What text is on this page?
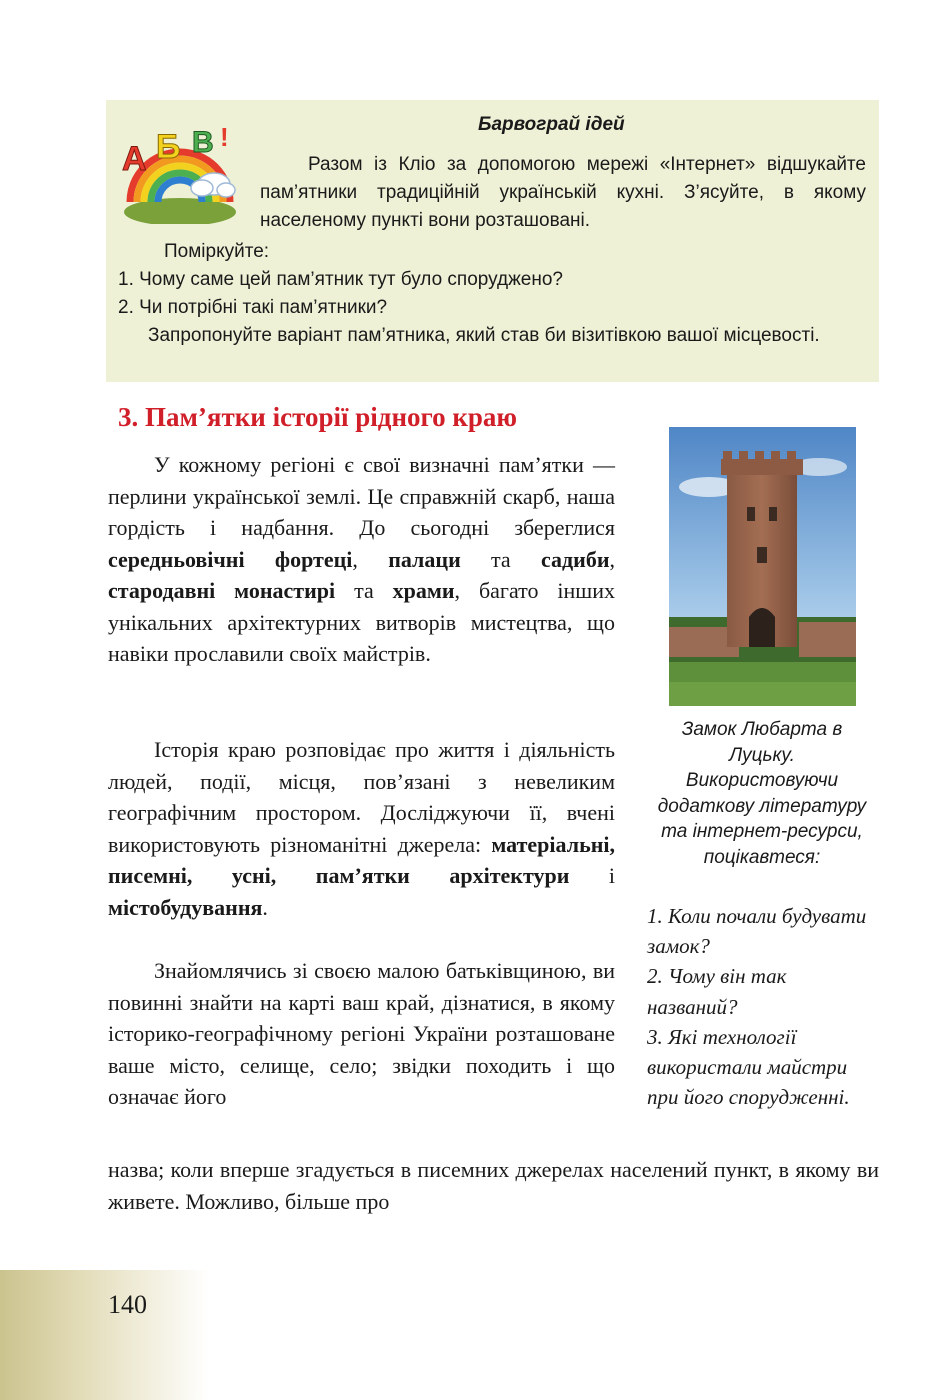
А Б В !	Барвограй ідей

Разом із Кліо за допомогою мережі «Інтернет» відшукайте пам’ятники традиційній українській кухні. З’ясуйте, в якому населеному пункті вони розташовані.

Поміркуйте:
1. Чому саме цей пам’ятник тут було споруджено?
2. Чи потрібні такі пам’ятники?
Запропонуйте варіант пам’ятника, який став би візитівкою вашої місцевості.
3. Пам’ятки історії рідного краю

У кожному регіоні є свої визначні пам’ятки — перлини української землі. Це справжній скарб, наша гордість і надбання. До сьогодні збереглися середньовічні фортеці, палаци та садиби, стародавні монастирі та храми, багато інших унікальних архітектурних витворів мистецтва, що навіки прославили своїх майстрів.

Історія краю розповідає про життя і діяльність людей, події, місця, пов’язані з невеликим географічним простором. Досліджуючи її, вчені використовують різноманітні джерела: матеріальні, писемні, усні, пам’ятки архітектури і містобудування.

Знайомлячись зі своєю малою батьківщиною, ви повинні знайти на карті ваш край, дізнатися, в якому історико-географічному регіоні України розташоване ваше місто, селище, село; звідки походить і що означає його

назва; коли вперше згадується в писемних джерелах населений пункт, в якому ви живете. Можливо, більше про

Замок Любарта в Луцьку. Використовуючи додаткову літературу та інтернет-ресурси, поцікавтеся:

1. Коли почали будувати замок?
2. Чому він так названий?
3. Які технології використали майстри при його спорудженні.
140
